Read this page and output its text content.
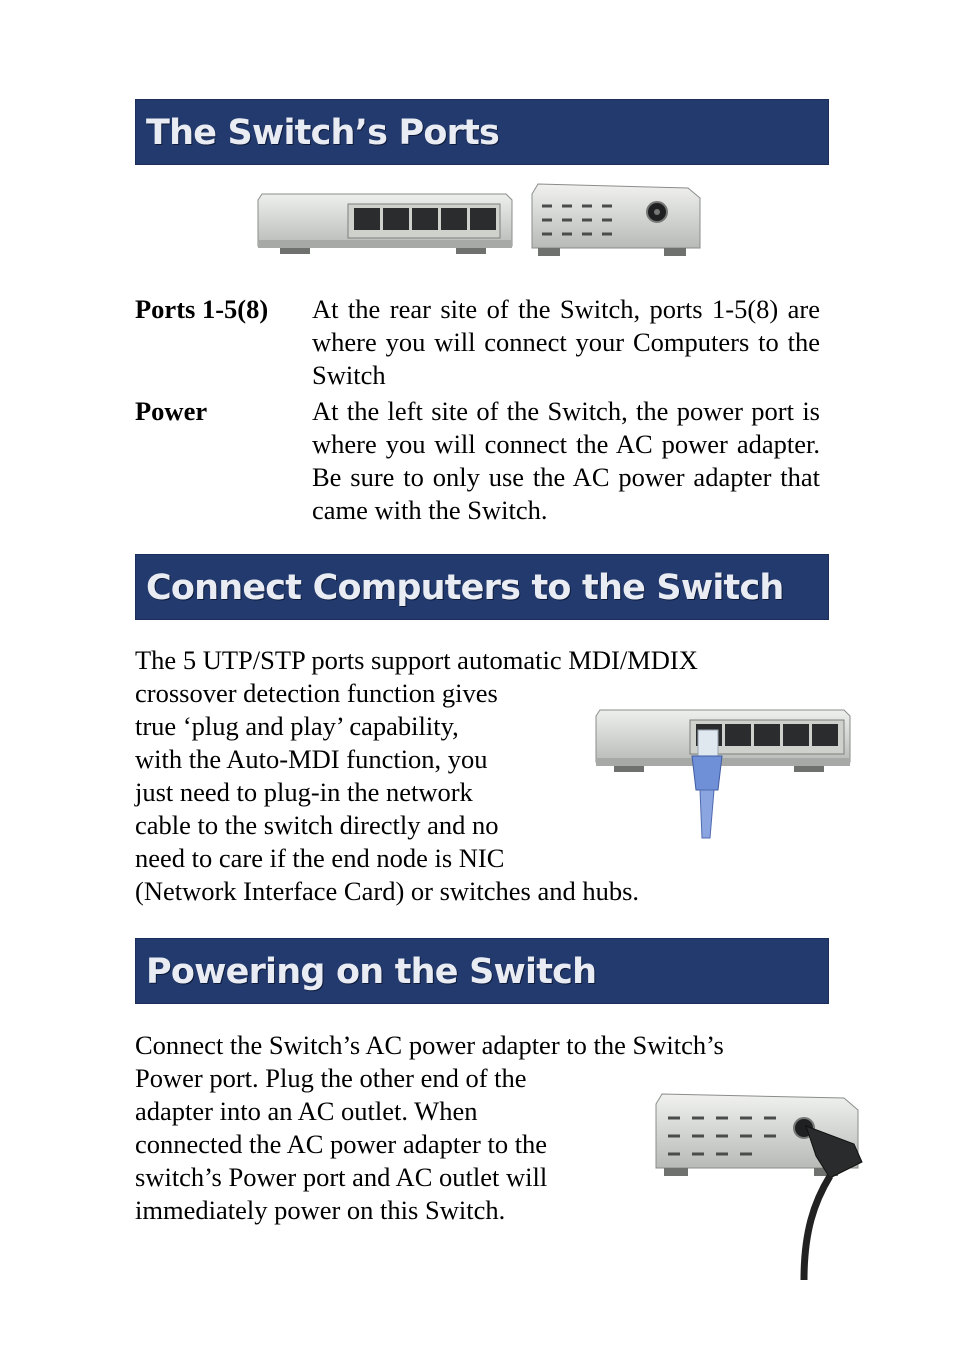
The Switch’s Ports
Ports 1-5(8) At the rear site of the Switch, ports 1-5(8) are where you will connect your Computers to the Switch
Power	At the left site of the Switch, the power port is where you will connect the AC power adapter. Be sure to only use the AC power adapter that came with the Switch.
Connect Computers to the Switch
The 5 UTP/STP ports support automatic MDI/MDIX
crossover detection function gives
true ‘plug and play’ capability,
with the Auto-MDI function, you
just need to plug-in the network
cable to the switch directly and no
need to care if the end node is NIC
(Network Interface Card) or switches and hubs.
Powering on the Switch
Connect the Switch’s AC power adapter to the Switch’s
Power port. Plug the other end of the
adapter into an AC outlet. When
connected the AC power adapter to the
switch’s Power port and AC outlet will
immediately power on this Switch.
